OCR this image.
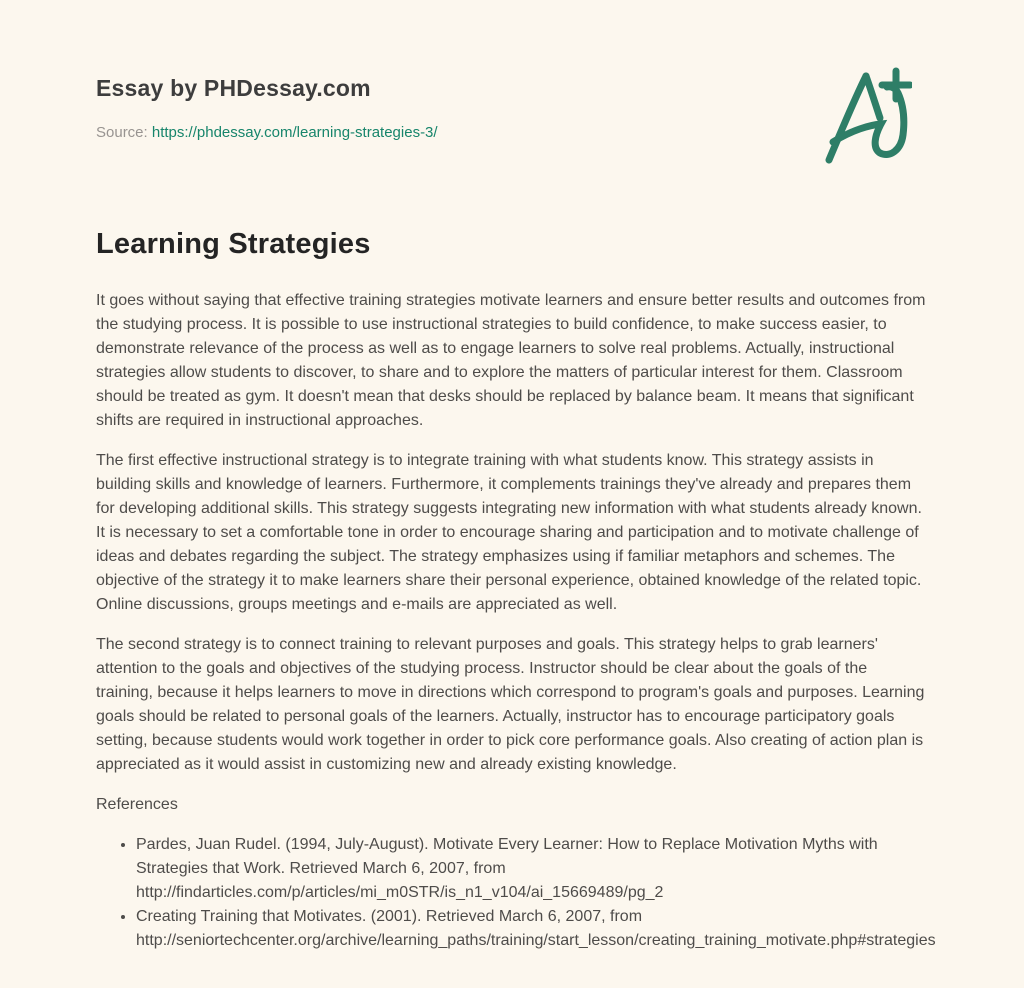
Essay by PHDessay.com
Source: https://phdessay.com/learning-strategies-3/
Learning Strategies

It goes without saying that effective training strategies motivate learners and ensure better results and outcomes from the studying process. It is possible to use instructional strategies to build confidence, to make success easier, to demonstrate relevance of the process as well as to engage learners to solve real problems. Actually, instructional strategies allow students to discover, to share and to explore the matters of particular interest for them. Classroom should be treated as gym. It doesn't mean that desks should be replaced by balance beam. It means that significant shifts are required in instructional approaches.

The first effective instructional strategy is to integrate training with what students know. This strategy assists in building skills and knowledge of learners. Furthermore, it complements trainings they've already and prepares them for developing additional skills. This strategy suggests integrating new information with what students already known. It is necessary to set a comfortable tone in order to encourage sharing and participation and to motivate challenge of ideas and debates regarding the subject. The strategy emphasizes using if familiar metaphors and schemes. The objective of the strategy it to make learners share their personal experience, obtained knowledge of the related topic. Online discussions, groups meetings and e-mails are appreciated as well.

The second strategy is to connect training to relevant purposes and goals. This strategy helps to grab learners' attention to the goals and objectives of the studying process. Instructor should be clear about the goals of the training, because it helps learners to move in directions which correspond to program's goals and purposes. Learning goals should be related to personal goals of the learners. Actually, instructor has to encourage participatory goals setting, because students would work together in order to pick core performance goals. Also creating of action plan is appreciated as it would assist in customizing new and already existing knowledge.

References

• Pardes, Juan Rudel. (1994, July-August). Motivate Every Learner: How to Replace Motivation Myths with Strategies that Work. Retrieved March 6, 2007, from http://findarticles.com/p/articles/mi_m0STR/is_n1_v104/ai_15669489/pg_2
• Creating Training that Motivates. (2001). Retrieved March 6, 2007, from http://seniortechcenter.org/archive/learning_paths/training/start_lesson/creating_training_motivate.php#strategies
